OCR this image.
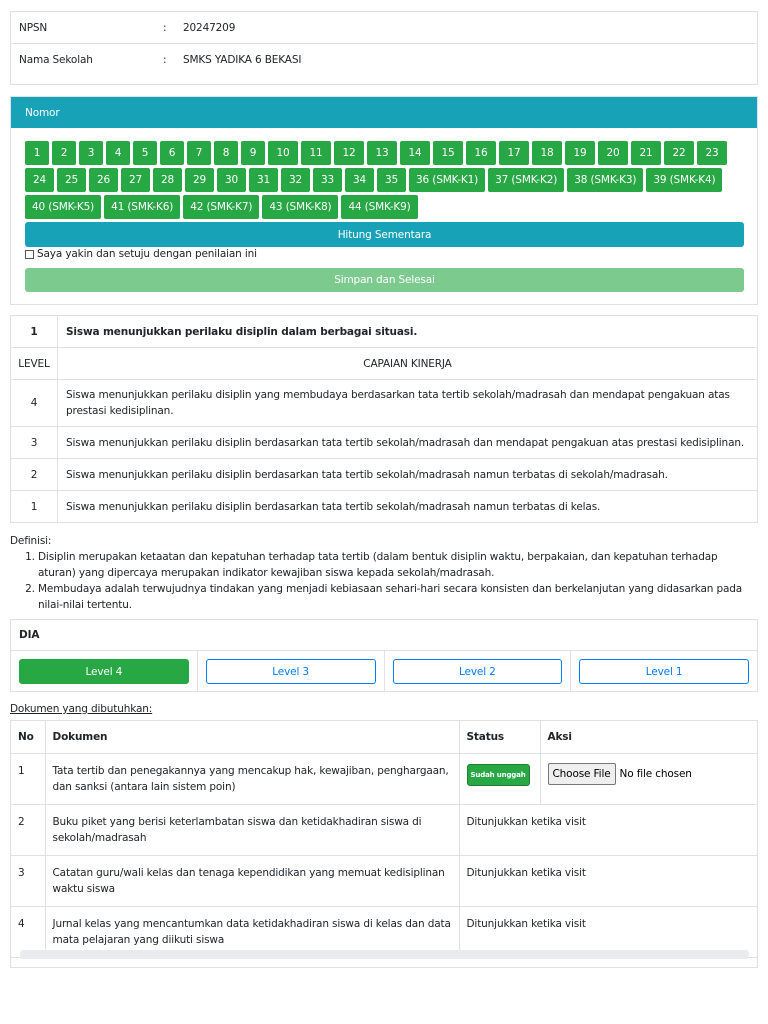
NPSN	:	20247209
Nama Sekolah	:	SMKS YADIKA 6 BEKASI
Nomor
1	2	3	4	5	6	7	8	9	10	11	12	13	14	15	16	17	18	19	20	21	22	23
24	25	26	27	28	29	30	31	32	33	34	35	36 (SMK-K1)	37 (SMK-K2)	38 (SMK-K3)	39 (SMK-K4)
40 (SMK-K5)	41 (SMK-K6)	42 (SMK-K7)	43 (SMK-K8)	44 (SMK-K9)
Hitung Sementara
Saya yakin dan setuju dengan penilaian ini
Simpan dan Selesai
1	Siswa menunjukkan perilaku disiplin dalam berbagai situasi.
LEVEL	CAPAIAN KINERJA
4	Siswa menunjukkan perilaku disiplin yang membudaya berdasarkan tata tertib sekolah/madrasah dan mendapat pengakuan atas prestasi kedisiplinan.
3	Siswa menunjukkan perilaku disiplin berdasarkan tata tertib sekolah/madrasah dan mendapat pengakuan atas prestasi kedisiplinan.
2	Siswa menunjukkan perilaku disiplin berdasarkan tata tertib sekolah/madrasah namun terbatas di sekolah/madrasah.
1	Siswa menunjukkan perilaku disiplin berdasarkan tata tertib sekolah/madrasah namun terbatas di kelas.
Definisi:
1. Disiplin merupakan ketaatan dan kepatuhan terhadap tata tertib (dalam bentuk disiplin waktu, berpakaian, dan kepatuhan terhadap aturan) yang dipercaya merupakan indikator kewajiban siswa kepada sekolah/madrasah.
2. Membudaya adalah terwujudnya tindakan yang menjadi kebiasaan sehari-hari secara konsisten dan berkelanjutan yang didasarkan pada nilai-nilai tertentu.
DIA
Level 4	Level 3	Level 2	Level 1
Dokumen yang dibutuhkan:
No	Dokumen	Status	Aksi
1	Tata tertib dan penegakannya yang mencakup hak, kewajiban, penghargaan, dan sanksi (antara lain sistem poin)	Sudah unggah	Choose File No file chosen

2	Buku piket yang berisi keterlambatan siswa dan ketidakhadiran siswa di sekolah/madrasah	Ditunjukkan ketika visit	
3	Catatan guru/wali kelas dan tenaga kependidikan yang memuat kedisiplinan waktu siswa	Ditunjukkan ketika visit	
4	Jurnal kelas yang mencantumkan data ketidakhadiran siswa di kelas dan data mata pelajaran yang diikuti siswa	Ditunjukkan ketika visit	
